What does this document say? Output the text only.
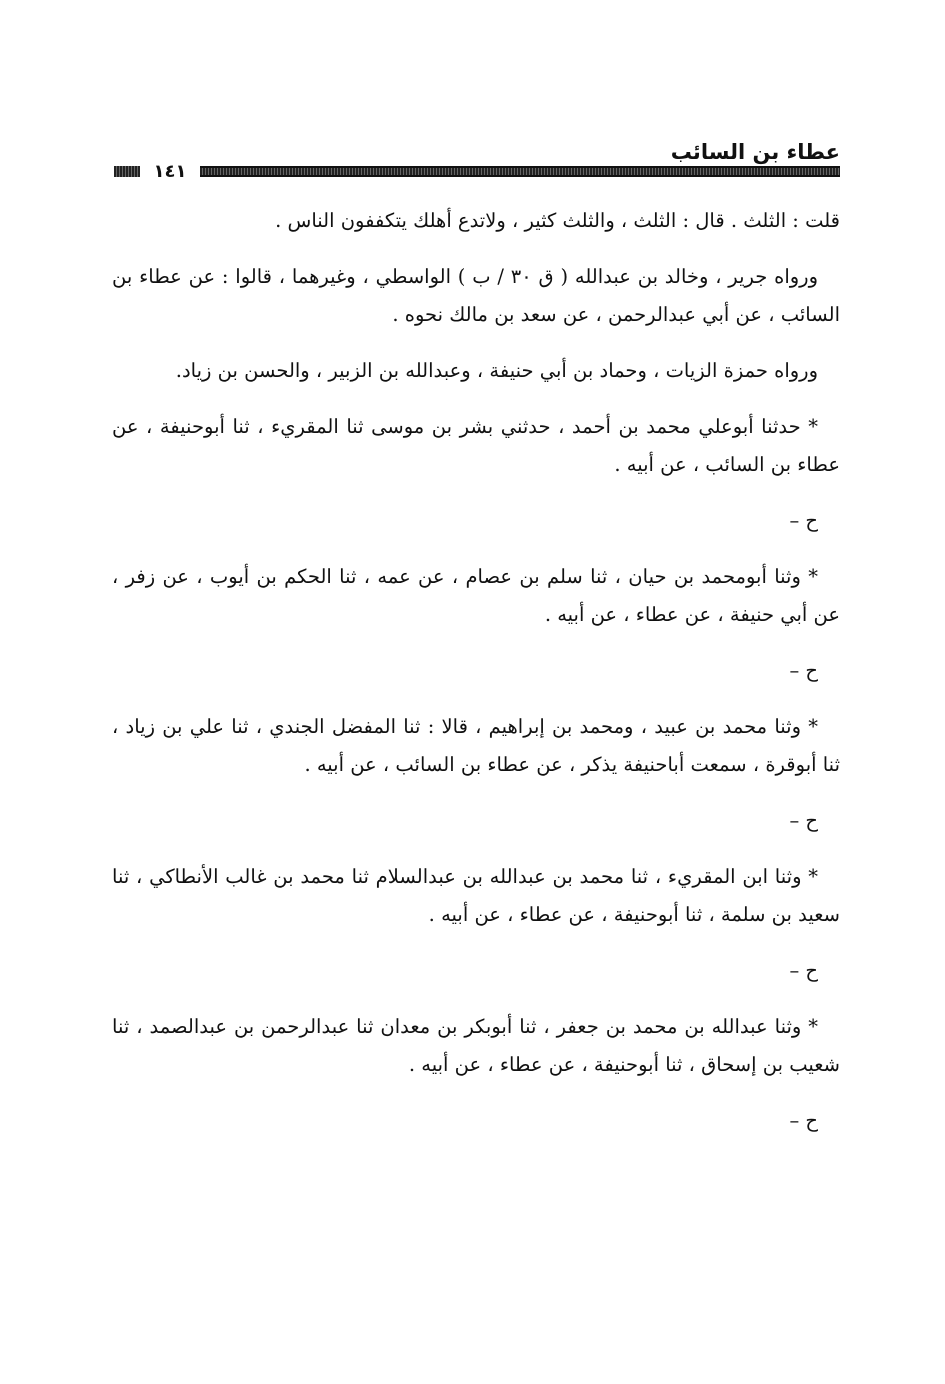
عطاء بن السائب
١٤١

قلت : الثلث . قال : الثلث ، والثلث كثير ، ولاتدع أهلك يتكففون الناس .

ورواه جرير ، وخالد بن عبدالله ( ق ٣٠ / ب ) الواسطي ، وغيرهما ، قالوا : عن عطاء بن السائب ، عن أبي عبدالرحمن ، عن سعد بن مالك نحوه .

ورواه حمزة الزيات ، وحماد بن أبي حنيفة ، وعبدالله بن الزبير ، والحسن بن زياد.

* حدثنا أبوعلي محمد بن أحمد ، حدثني بشر بن موسى ثنا المقريء ، ثنا أبوحنيفة ، عن عطاء بن السائب ، عن أبيه .

ح –

* وثنا أبومحمد بن حيان ، ثنا سلم بن عصام ، عن عمه ، ثنا الحكم بن أيوب ، عن زفر ، عن أبي حنيفة ، عن عطاء ، عن أبيه .

ح –

* وثنا محمد بن عبيد ، ومحمد بن إبراهيم ، قالا : ثنا المفضل الجندي ، ثنا علي بن زياد ، ثنا أبوقرة ، سمعت أباحنيفة يذكر ، عن عطاء بن السائب ، عن أبيه .

ح –

* وثنا ابن المقريء ، ثنا محمد بن عبدالله بن عبدالسلام ثنا محمد بن غالب الأنطاكي ، ثنا سعيد بن سلمة ، ثنا أبوحنيفة ، عن عطاء ، عن أبيه .

ح –

* وثنا عبدالله بن محمد بن جعفر ، ثنا أبوبكر بن معدان ثنا عبدالرحمن بن عبدالصمد ، ثنا شعيب بن إسحاق ، ثنا أبوحنيفة ، عن عطاء ، عن أبيه .

ح –
